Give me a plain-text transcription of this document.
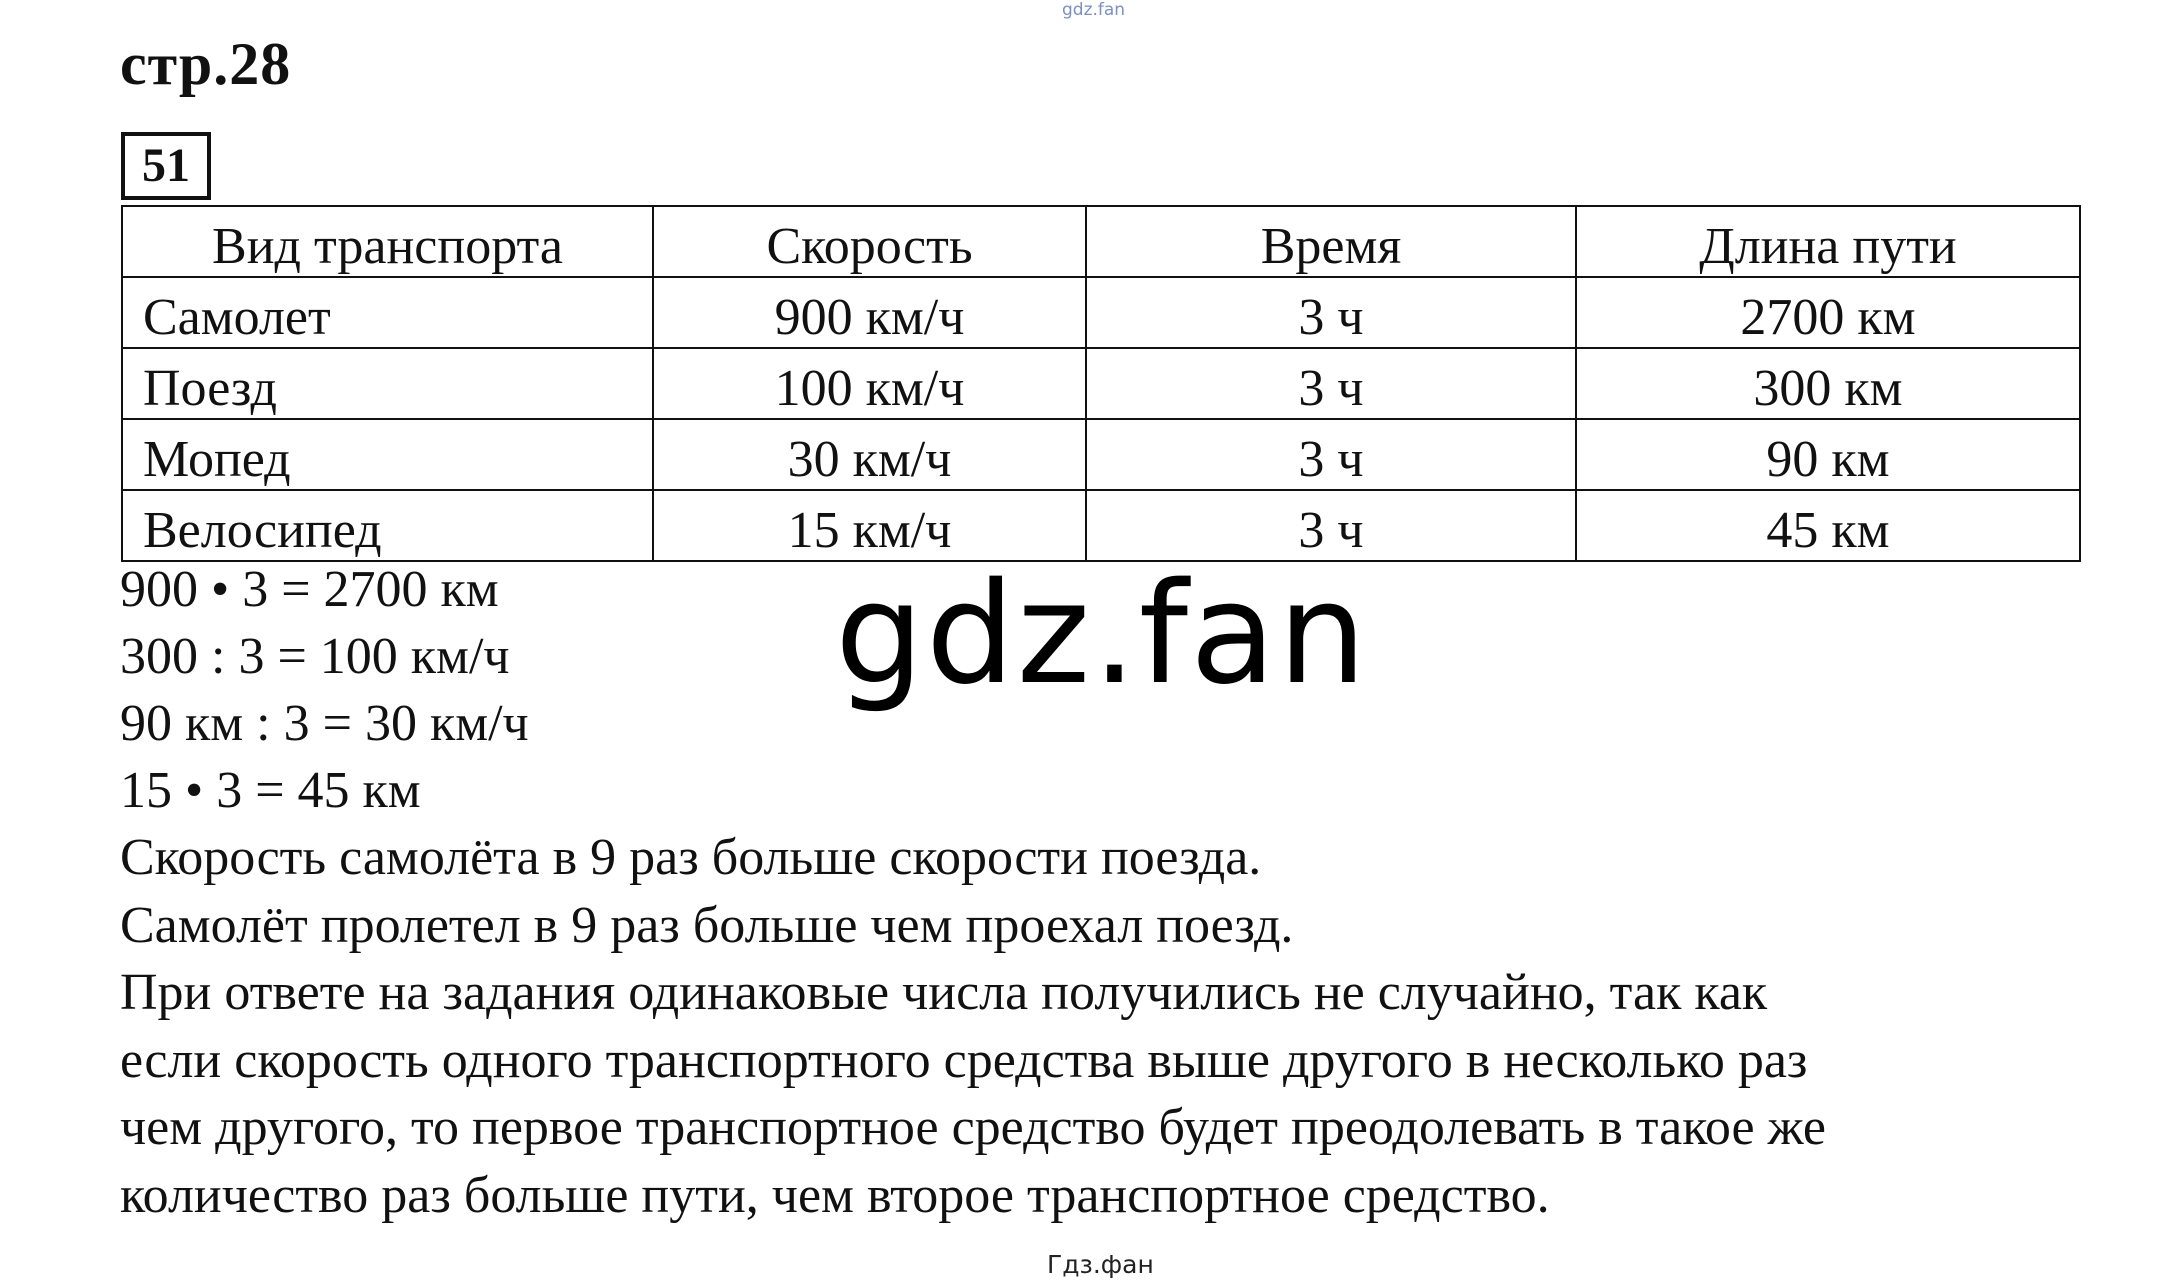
gdz.fan
стр.28
51
Вид транспорта	Скорость	Время	Длина пути
Самолет	900 км/ч	3 ч	2700 км
Поезд	100 км/ч	3 ч	300 км
Мопед	30 км/ч	3 ч	90 км
Велосипед	15 км/ч	3 ч	45 км
900 • 3 = 2700 км
300 : 3 = 100 км/ч
90 км : 3 = 30 км/ч
15 • 3 = 45 км
gdz.fan
Скорость самолёта в 9 раз больше скорости поезда.
Самолёт пролетел в 9 раз больше чем проехал поезд.
При ответе на задания одинаковые числа получились не случайно, так как
если скорость одного транспортного средства выше другого в несколько раз
чем другого, то первое транспортное средство будет преодолевать в такое же
количество раз больше пути, чем второе транспортное средство.
Гдз.фан
